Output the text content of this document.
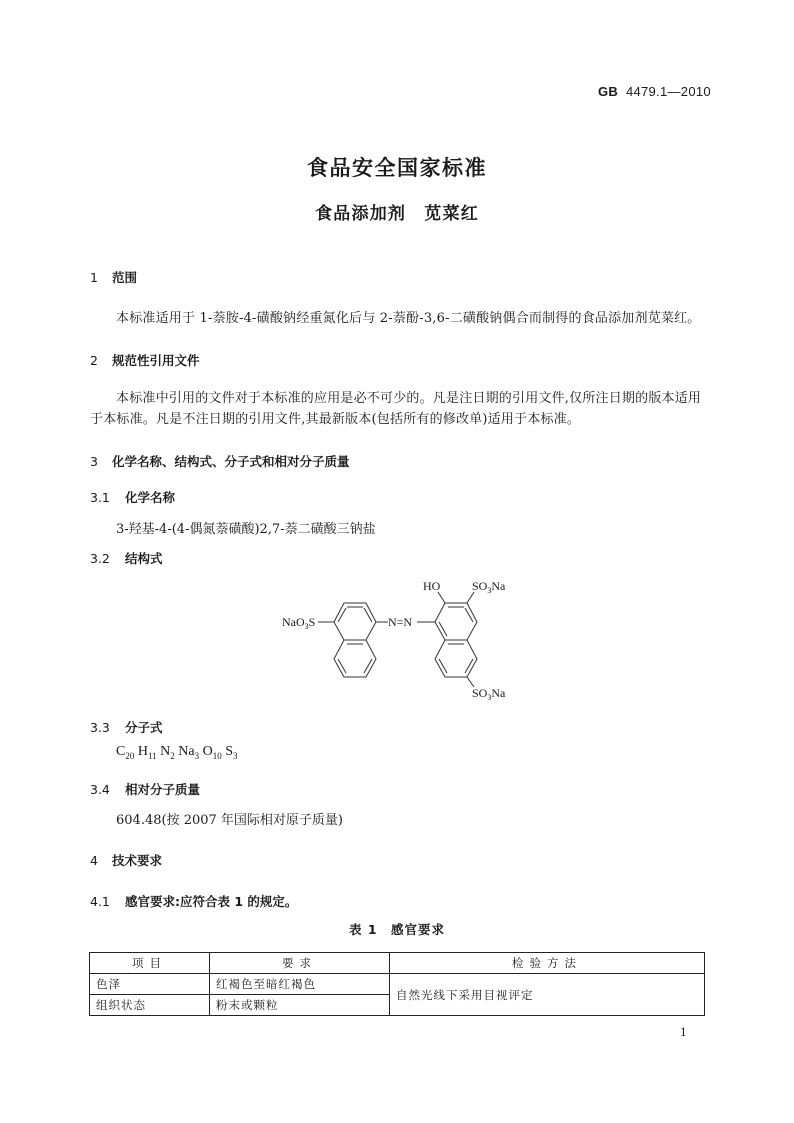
GB 4479.1—2010
食品安全国家标准
食品添加剂　苋菜红
1 范围
本标准适用于 1-萘胺-4-磺酸钠经重氮化后与 2-萘酚-3,6-二磺酸钠偶合而制得的食品添加剂苋菜红。
2 规范性引用文件
本标准中引用的文件对于本标准的应用是必不可少的。凡是注日期的引用文件,仅所注日期的版本适用于本标准。凡是不注日期的引用文件,其最新版本(包括所有的修改单)适用于本标准。
3 化学名称、结构式、分子式和相对分子质量
3.1 化学名称
3-羟基-4-(4-偶氮萘磺酸)2,7-萘二磺酸三钠盐
3.2 结构式
NaO$_3$S	N=N
HO	$SO_3Na$
$SO_3Na$
3.3 分子式
$C_{20}$ $H_{11}$ $N_2$ $Na_3$ $O_{10}$ $S_3$
3.4 相对分子质量
604.48(按 2007 年国际相对原子质量)
4 技术要求
4.1 感官要求:应符合表 1 的规定。
表 1　感官要求
项目	要求	检验方法
色泽	红褐色至暗红褐色	自然光线下采用目视评定
组织状态	粉末或颗粒	
1
